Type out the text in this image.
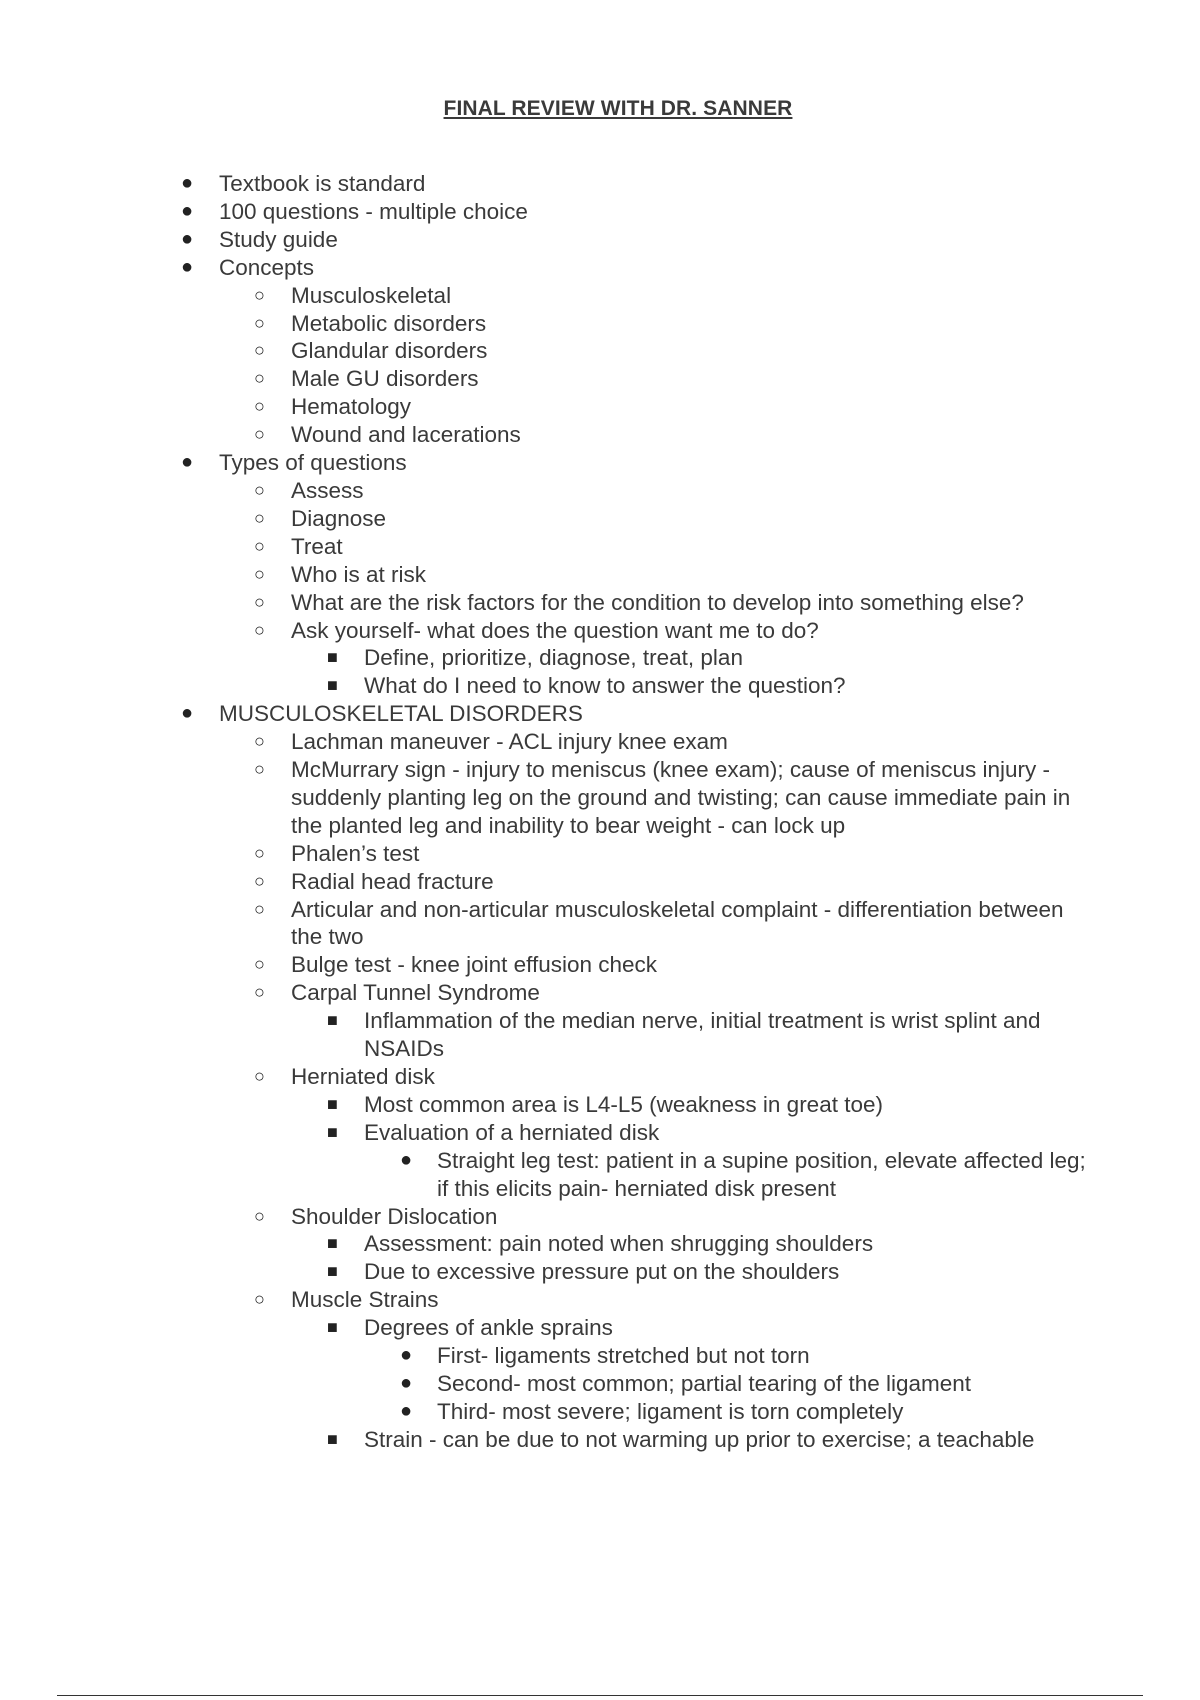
FINAL REVIEW WITH DR. SANNER
● Textbook is standard
● 100 questions - multiple choice
● Study guide
● Concepts
○ Musculoskeletal
○ Metabolic disorders
○ Glandular disorders
○ Male GU disorders
○ Hematology
○ Wound and lacerations
● Types of questions
○ Assess
○ Diagnose
○ Treat
○ Who is at risk
○ What are the risk factors for the condition to develop into something else?
○ Ask yourself- what does the question want me to do?
■ Define, prioritize, diagnose, treat, plan
■ What do I need to know to answer the question?
● MUSCULOSKELETAL DISORDERS
○ Lachman maneuver - ACL injury knee exam
○ McMurrary sign - injury to meniscus (knee exam); cause of meniscus injury - suddenly planting leg on the ground and twisting; can cause immediate pain in the planted leg and inability to bear weight - can lock up
○ Phalen’s test
○ Radial head fracture
○ Articular and non-articular musculoskeletal complaint - differentiation between the two
○ Bulge test - knee joint effusion check
○ Carpal Tunnel Syndrome
■ Inflammation of the median nerve, initial treatment is wrist splint and NSAIDs
○ Herniated disk
■ Most common area is L4-L5 (weakness in great toe)
■ Evaluation of a herniated disk
● Straight leg test: patient in a supine position, elevate affected leg; if this elicits pain- herniated disk present
○ Shoulder Dislocation
■ Assessment: pain noted when shrugging shoulders
■ Due to excessive pressure put on the shoulders
○ Muscle Strains
■ Degrees of ankle sprains
● First- ligaments stretched but not torn
● Second- most common; partial tearing of the ligament
● Third- most severe; ligament is torn completely
■ Strain - can be due to not warming up prior to exercise; a teachable
